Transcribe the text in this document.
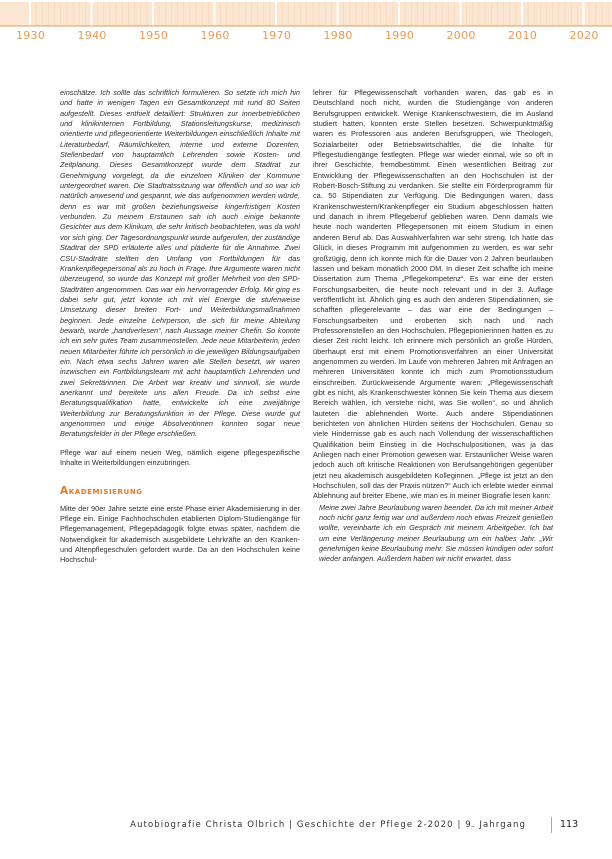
1930	1940	1950	1960	1970	1980	1990	2000	2010	2020

einschätze. Ich sollte das schriftlich formulieren. So setzte ich mich hin und hatte in wenigen Tagen ein Gesamtkonzept mit rund 80 Seiten aufgestellt. Dieses enthielt detailliert: Strukturen zur innerbetrieblichen und klinikinternen Fortbildung, Stationsleitungskurse, medizinisch orientierte und pflegeorientierte Weiterbildungen einschließlich Inhalte mit Literaturbedarf, Räumlichkeiten, interne und externe Dozenten, Stellenbedarf von hauptamtlich Lehrenden sowie Kosten- und Zeitplanung. Dieses Gesamtkonzept wurde dem Stadtrat zur Genehmigung vorgelegt, da die einzelnen Kliniken der Kommune untergeordnet waren. Die Stadtratssitzung war öffentlich und so war ich natürlich anwesend und gespannt, wie das aufgenommen werden würde, denn es war mit großen beziehungsweise kingerfristigen Kosten verbunden. Zu meinem Erstaunen sah ich auch einige bekannte Gesichter aus dem Klinikum, die sehr kritisch beobachteten, was da wohl vor sich ging. Der Tagesordnungspunkt wurde aufgerufen, der zuständige Stadtrat der SPD erläuterte alles und plädierte für die Annahme. Zwei CSU-Stadträte stellten den Umfang von Fortbildungen für das Krankenpflegepersonal als zu hoch in Frage. Ihre Argumente waren nicht überzeugend, so wurde das Konzept mit großer Mehrheit von den SPD-Stadträten angenommen. Das war ein hervorragender Erfolg. Mir ging es dabei sehr gut, jetzt konnte ich mit viel Energie die stufenweise Umsetzung dieser breiten Fort- und Weiterbildungsmaßnahmen beginnen. Jede einzelne Lehrperson, die sich für meine Abteilung bewarb, wurde „handverlesen“, nach Aussage meiner Chefin. So konnte ich ein sehr gutes Team zusammenstellen. Jede neue Mitarbeiterin, jeden neuen Mitarbeiter führte ich persönlich in die jeweiligen Bildungsaufgaben ein. Nach etwa sechs Jahren waren alle Stellen besetzt, wir waren inzwischen ein Fortbildungsteam mit acht hauptamtlich Lehrenden und zwei Sekretärinnen. Die Arbeit war kreativ und sinnvoll, sie wurde anerkannt und bereitete uns allen Freude. Da ich selbst eine Beratungsqualifikation hatte, entwickelte ich eine zweijährige Weiterbildung zur Beratungsfunktion in der Pflege. Diese wurde gut angenommen und einige Absolventinnen konnten sogar neue Beratungsfelder in der Pflege erschließen.

Pflege war auf einem neuen Weg, nämlich eigene pflegespezifische Inhalte in Weiterbildungen einzubringen.

Akademisierung

Mitte der 90er Jahre setzte eine erste Phase einer Akademisierung in der Pflege ein. Einige Fachhochschulen etablierten Diplom-Studiengänge für Pflegemanagement, Pflegepädagogik folgte etwas später, nachdem die Notwendigkeit für akademisch ausgebildete Lehrkräfte an den Kranken- und Altenpflegeschulen gefordert wurde. Da an den Hochschulen keine Hochschul-

lehrer für Pflegewissenschaft vorhanden waren, das gab es in Deutschland noch nicht, wurden die Studiengänge von anderen Berufsgruppen entwickelt. Wenige Krankenschwestern, die im Ausland studiert hatten, konnten erste Stellen besetzen. Schwerpunktmäßig waren es Professoren aus anderen Berufsgruppen, wie Theologen, Sozialarbeiter oder Betriebswirtschaftler, die die Inhalte für Pflegestudiengänge festlegten. Pflege war wieder einmal, wie so oft in ihrer Geschichte, fremdbestimmt. Einen wesentlichen Beitrag zur Entwicklung der Pflegewissenschaften an den Hochschulen ist der Robert-Bosch-Stiftung zu verdanken. Sie stellte ein Förderprogramm für ca. 50 Stipendiaten zur Verfügung. Die Bedingungen waren, dass Krankenschwestern/Krankenpfleger ein Studium abgeschlossen hatten und danach in ihrem Pflegeberuf geblieben waren. Denn damals wie heute noch wanderten Pflegepersonen mit einem Studium in einen anderen Beruf ab. Das Auswahlverfahren war sehr streng. Ich hatte das Glück, in dieses Programm mit aufgenommen zu werden, es war sehr großzügig, denn ich konnte mich für die Dauer von 2 Jahren beurlauben lassen und bekam monatlich 2000 DM. In dieser Zeit schaffte ich meine Dissertation zum Thema „Pflegekompetenz“. Es war eine der ersten Forschungsarbeiten, die heute noch relevant und in der 3. Auflage veröffentlicht ist. Ähnlich ging es auch den anderen Stipendiatinnen, sie schafften pflegerelevante – das war eine der Bedingungen – Forschungsarbeiten und eroberten sich nach und nach Professorenstellen an den Hochschulen. Pflegepionierinnen hatten es zu dieser Zeit nicht leicht. Ich erinnere mich persönlich an große Hürden, überhaupt erst mit einem Promotionsverfahren an einer Universität angenommen zu werden. Im Laufe von mehreren Jahren mit Anfragen an mehreren Universitäten konnte ich mich zum Promotionsstudium einschreiben. Zurückweisende Argumente waren: „Pflegewissenschaft gibt es nicht, als Krankenschwester können Sie kein Thema aus diesem Bereich wählen, ich verstehe nicht, was Sie wollen“, so und ähnlich lauteten die ablehnenden Worte. Auch andere Stipendiatinnen berichteten von ähnlichen Hürden seitens der Hochschulen. Genau so viele Hindernisse gab es auch nach Vollendung der wissenschaftlichen Qualifikation beim Einstieg in die Hochschulpositionen, was ja das Anliegen nach einer Promotion gewesen war. Erstaunlicher Weise waren jedoch auch oft kritische Reaktionen von Berufsangehörigen gegenüber jetzt neu akademisch ausgebildeten Kolleginnen. „Pflege ist jetzt an den Hochschulen, soll das der Praxis nützen?“ Auch ich erlebte wieder einmal Ablehnung auf breiter Ebene, wie man es in meiner Biografie lesen kann:

Meine zwei Jahre Beurlaubung waren beendet. Da ich mit meiner Arbeit noch nicht ganz fertig war und außerdem noch etwas Freizeit genießen wollte, vereinbarte ich ein Gespräch mit meinem Arbeitgeber. Ich bat um eine Verlängerung meiner Beurlaubung um ein halbes Jahr. „Wir genehmigen keine Beurlaubung mehr. Sie müssen kündigen oder sofort wieder anfangen. Außerdem haben wir nicht erwartet, dass

Autobiografie Christa Olbrich | Geschichte der Pflege 2-2020 | 9. Jahrgang	113
